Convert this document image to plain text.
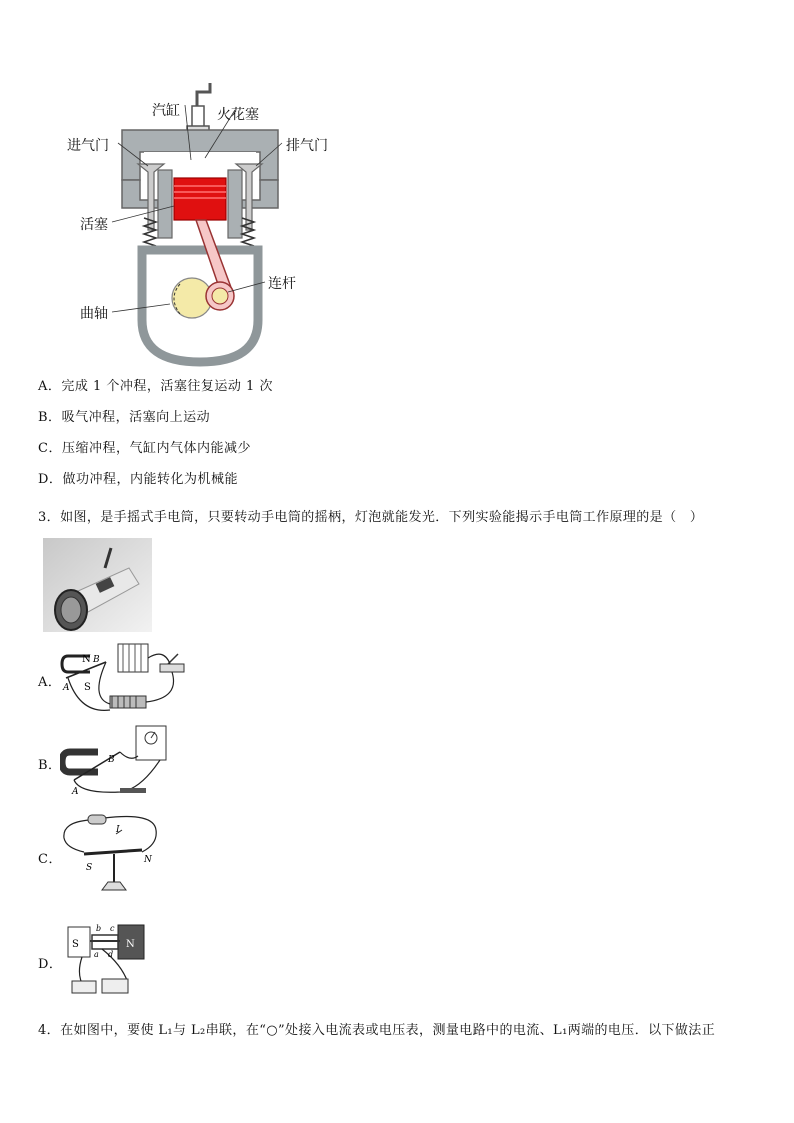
汽缸	火花塞
进气门	排气门
活塞
连杆
曲轴
A．完成 1 个冲程，活塞往复运动 1 次
B．吸气冲程，活塞向上运动
C．压缩冲程，气缸内气体内能减少
D．做功冲程，内能转化为机械能
3．如图，是手摇式手电筒，只要转动手电筒的摇柄，灯泡就能发光．下列实验能揭示手电筒工作原理的是（　）
A．
N B
A S
B．	B
A
C．
I
S
N
D．
S	N
b c
a d
4．在如图中，要使 L₁与 L₂串联，在“○”处接入电流表或电压表，测量电路中的电流、L₁两端的电压．以下做法正
